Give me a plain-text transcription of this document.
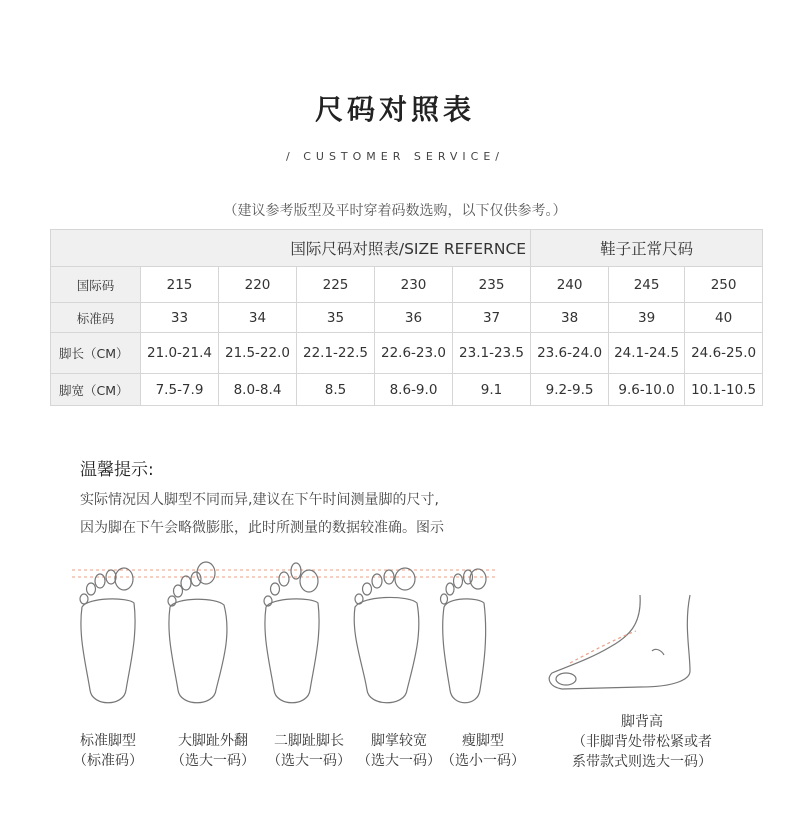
尺码对照表
/ CUSTOMER SERVICE/
（建议参考版型及平时穿着码数选购，以下仅供参考。）
国际尺码对照表/SIZE REFERNCE						鞋子正常尺码		
国际码	215	220	225	230	235	240	245	250
标准码	33	34	35	36	37	38	39	40
脚长（CM）	21.0-21.4	21.5-22.0	22.1-22.5	22.6-23.0	23.1-23.5	23.6-24.0	24.1-24.5	24.6-25.0
脚宽（CM）	7.5-7.9	8.0-8.4	8.5	8.6-9.0	9.1	9.2-9.5	9.6-10.0	10.1-10.5
温馨提示:
实际情况因人脚型不同而异,建议在下午时间测量脚的尺寸,
因为脚在下午会略微膨胀，此时所测量的数据较准确。图示
标准脚型
（标准码）
大脚趾外翻
（选大一码）
二脚趾脚长
（选大一码）
脚掌较宽
（选大一码）
瘦脚型
（选小一码）
脚背高
（非脚背处带松紧或者
系带款式则选大一码）
